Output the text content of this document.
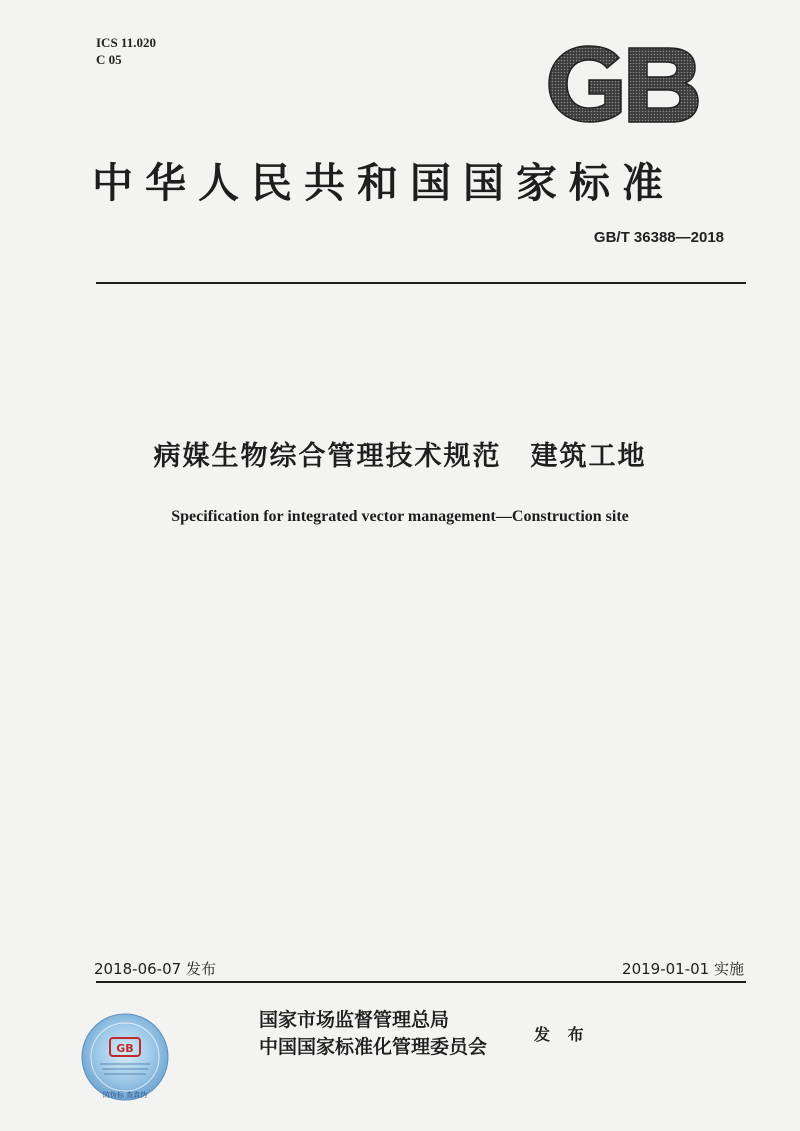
ICS 11.020
C 05
中华人民共和国国家标准
GB/T 36388—2018
病媒生物综合管理技术规范　建筑工地
Specification for integrated vector management—Construction site
2018-06-07 发布	2019-01-01 实施
国家市场监督管理总局
中国国家标准化管理委员会
发 布
GB
防伪标 查真伪
